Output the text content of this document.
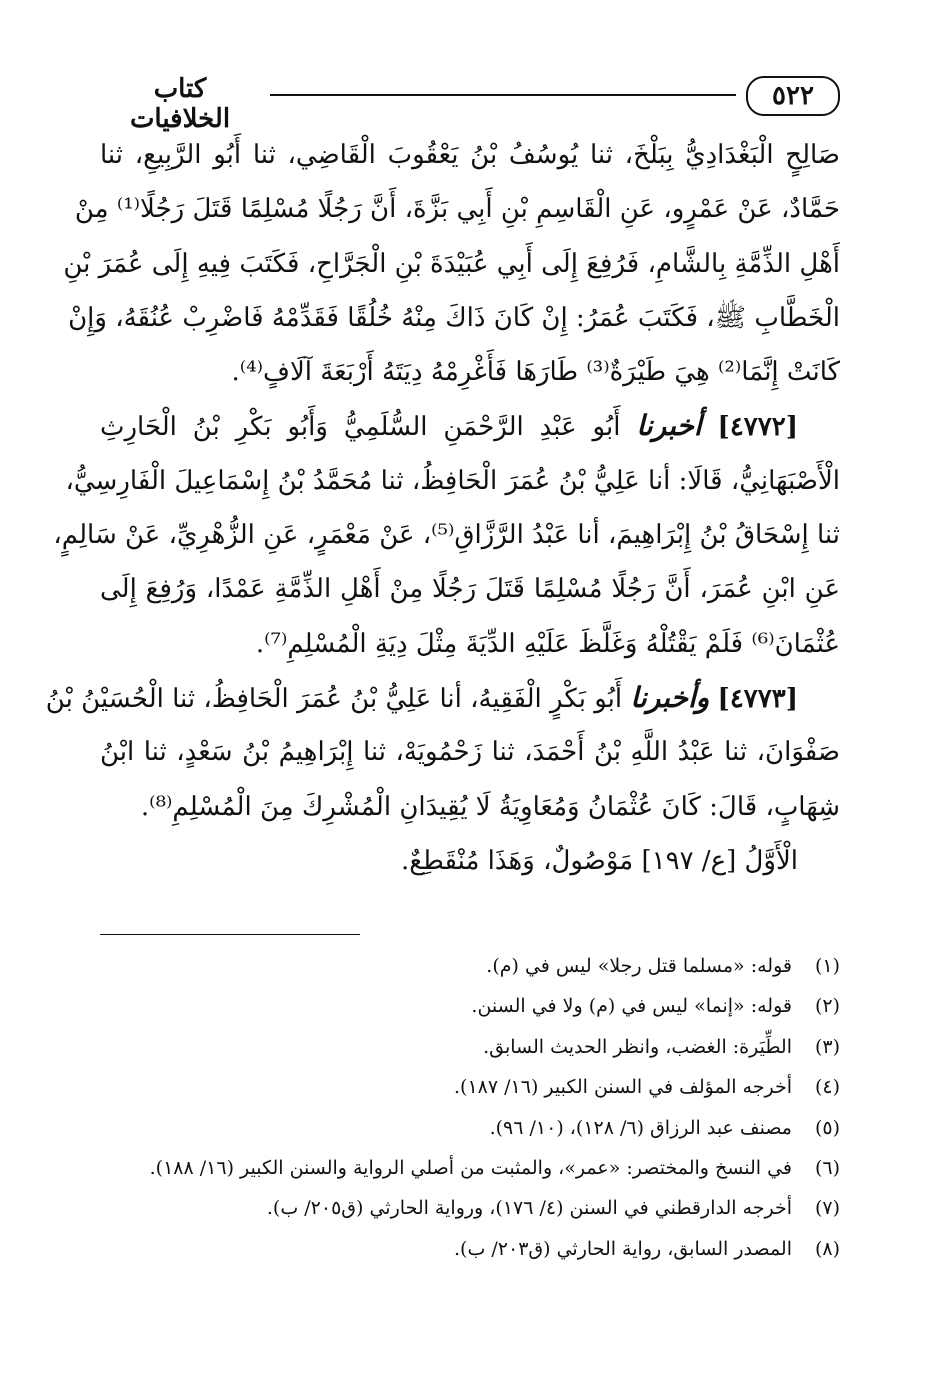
٥٢٢
كتاب الخلافيات
صَالِحٍ الْبَغْدَادِيُّ بِبَلْخَ، ثنا يُوسُفُ بْنُ يَعْقُوبَ الْقَاضِي، ثنا أَبُو الرَّبِيعِ، ثنا
حَمَّادٌ، عَنْ عَمْرٍو، عَنِ الْقَاسِمِ بْنِ أَبِي بَزَّةَ، أَنَّ رَجُلًا مُسْلِمًا قَتَلَ رَجُلًا⁽¹⁾ مِنْ
أَهْلِ الذِّمَّةِ بِالشَّامِ، فَرُفِعَ إِلَى أَبِي عُبَيْدَةَ بْنِ الْجَرَّاحِ، فَكَتَبَ فِيهِ إِلَى عُمَرَ بْنِ
الْخَطَّابِ ﷺ، فَكَتَبَ عُمَرُ: إِنْ كَانَ ذَاكَ مِنْهُ خُلُقًا فَقَدِّمْهُ فَاضْرِبْ عُنُقَهُ، وَإِنْ
كَانَتْ إِنَّمَا⁽²⁾ هِيَ طَيْرَةٌ⁽³⁾ طَارَهَا فَأَغْرِمْهُ دِيَتَهُ أَرْبَعَةَ آلَافٍ⁽⁴⁾.
[٤٧٧٢] أخبرنا أَبُو عَبْدِ الرَّحْمَنِ السُّلَمِيُّ وَأَبُو بَكْرِ بْنُ الْحَارِثِ
الْأَصْبَهَانِيُّ، قَالَا: أنا عَلِيُّ بْنُ عُمَرَ الْحَافِظُ، ثنا مُحَمَّدُ بْنُ إِسْمَاعِيلَ الْفَارِسِيُّ،
ثنا إِسْحَاقُ بْنُ إِبْرَاهِيمَ، أنا عَبْدُ الرَّزَّاقِ⁽⁵⁾، عَنْ مَعْمَرٍ، عَنِ الزُّهْرِيِّ، عَنْ سَالِمٍ،
عَنِ ابْنِ عُمَرَ، أَنَّ رَجُلًا مُسْلِمًا قَتَلَ رَجُلًا مِنْ أَهْلِ الذِّمَّةِ عَمْدًا، وَرُفِعَ إِلَى
عُثْمَانَ⁽⁶⁾ فَلَمْ يَقْتُلْهُ وَغَلَّظَ عَلَيْهِ الدِّيَةَ مِثْلَ دِيَةِ الْمُسْلِمِ⁽⁷⁾.
[٤٧٧٣] وأخبرنا أَبُو بَكْرٍ الْفَقِيهُ، أنا عَلِيُّ بْنُ عُمَرَ الْحَافِظُ، ثنا الْحُسَيْنُ بْنُ
صَفْوَانَ، ثنا عَبْدُ اللَّهِ بْنُ أَحْمَدَ، ثنا زَحْمُويَهْ، ثنا إِبْرَاهِيمُ بْنُ سَعْدٍ، ثنا ابْنُ
شِهَابٍ، قَالَ: كَانَ عُثْمَانُ وَمُعَاوِيَةُ لَا يُقِيدَانِ الْمُشْرِكَ مِنَ الْمُسْلِمِ⁽⁸⁾.
الْأَوَّلُ [ع/ ١٩٧] مَوْصُولٌ، وَهَذَا مُنْقَطِعٌ.
(١)قوله: «مسلما قتل رجلا» ليس في (م).
(٢)قوله: «إنما» ليس في (م) ولا في السنن.
(٣)الطِّيَرة: الغضب، وانظر الحديث السابق.
(٤)أخرجه المؤلف في السنن الكبير (١٦/ ١٨٧).
(٥)مصنف عبد الرزاق (٦/ ١٢٨)، (١٠/ ٩٦).
(٦)في النسخ والمختصر: «عمر»، والمثبت من أصلي الرواية والسنن الكبير (١٦/ ١٨٨).
(٧)أخرجه الدارقطني في السنن (٤/ ١٧٦)، ورواية الحارثي (ق٢٠٥/ ب).
(٨)المصدر السابق، رواية الحارثي (ق٢٠٣/ ب).
